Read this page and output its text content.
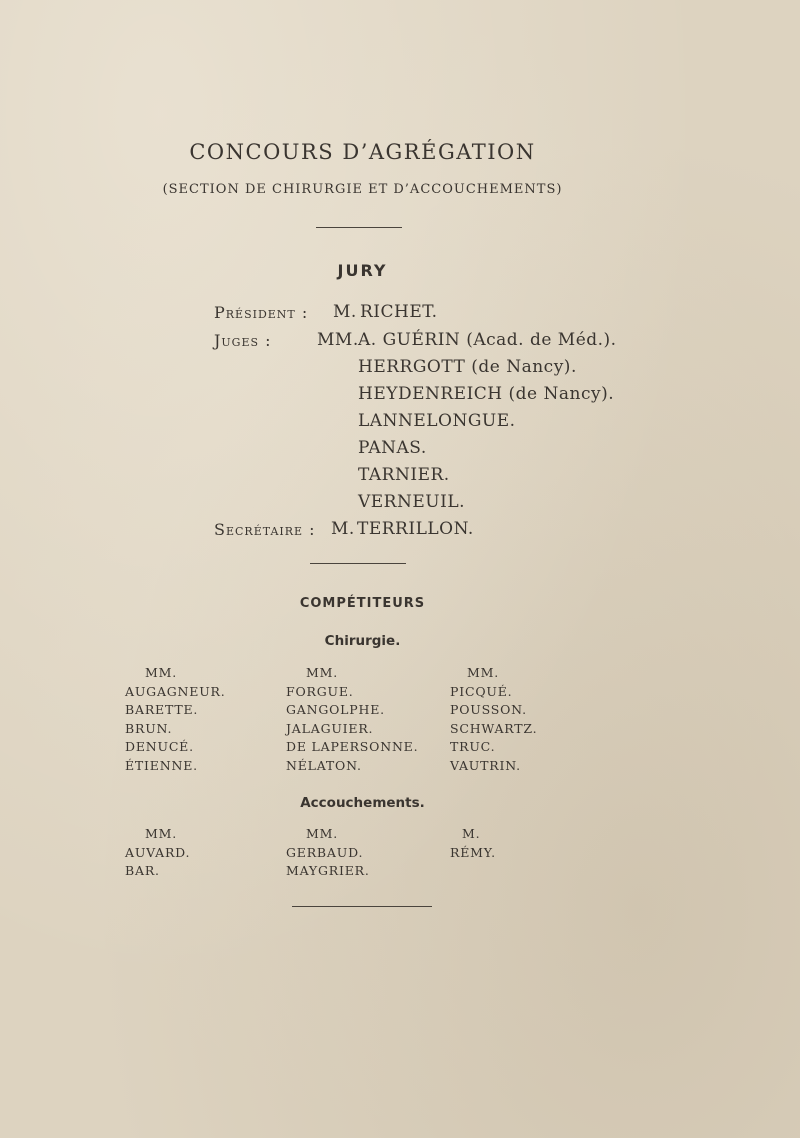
CONCOURS D’AGRÉGATION
(SECTION DE CHIRURGIE ET D’ACCOUCHEMENTS)
JURY
Président : M. RICHET.
Juges :	MM. A. GUÉRIN (Acad. de Méd.).
HERRGOTT (de Nancy).
HEYDENREICH (de Nancy).
LANNELONGUE.
PANAS.
TARNIER.
VERNEUIL.
Secrétaire : M. TERRILLON.
COMPÉTITEURS
Chirurgie.
MM.
AUGAGNEUR.
BARETTE.
BRUN.
DENUCÉ.
ÉTIENNE.
MM.
FORGUE.
GANGOLPHE.
JALAGUIER.
DE LAPERSONNE.
NÉLATON.
MM.
PICQUÉ.
POUSSON.
SCHWARTZ.
TRUC.
VAUTRIN.
Accouchements.
MM.
AUVARD.
BAR.
MM.
GERBAUD.
MAYGRIER.
M.
RÉMY.
